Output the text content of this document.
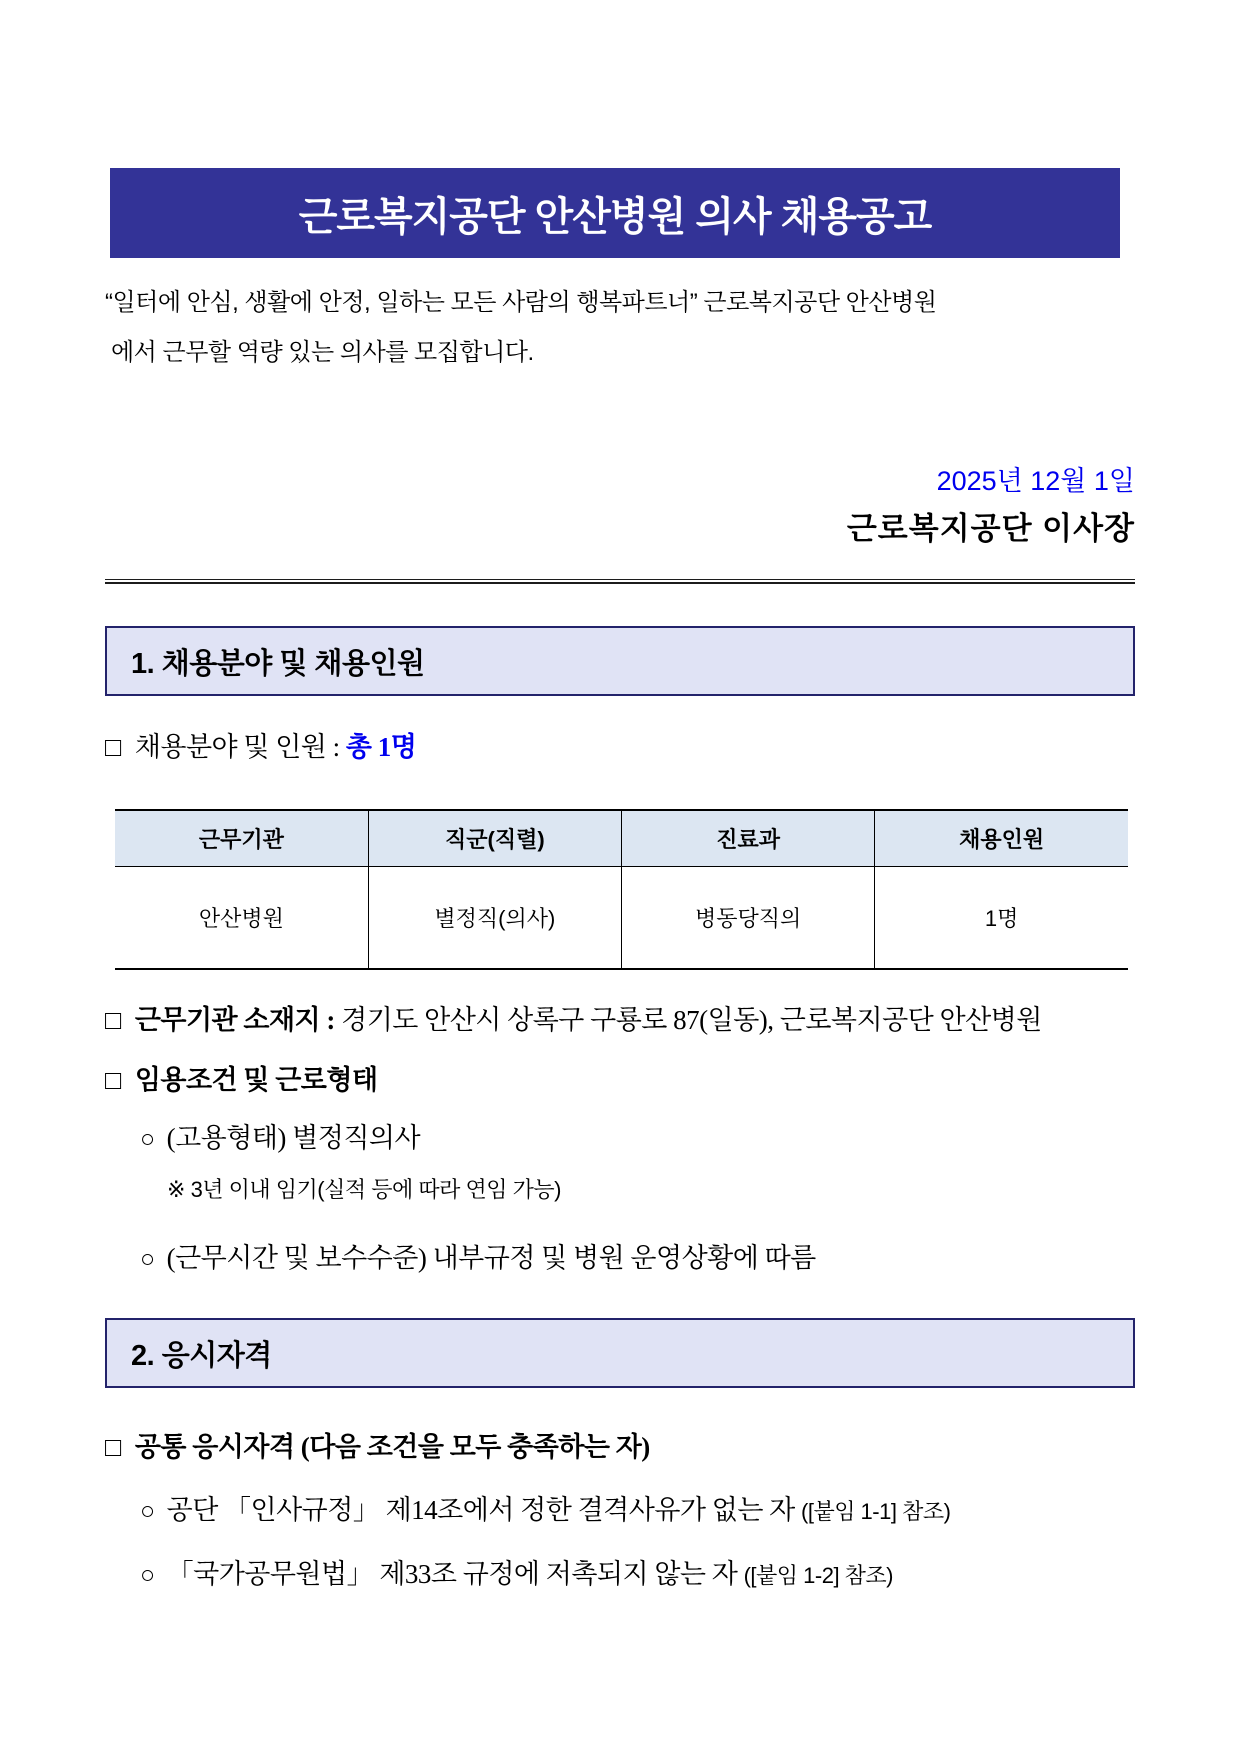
근로복지공단 안산병원 의사 채용공고
“일터에 안심, 생활에 안정, 일하는 모든 사람의 행복파트너” 근로복지공단 안산병원
에서 근무할 역량 있는 의사를 모집합니다.
2025년 12월 1일
근로복지공단 이사장
1. 채용분야 및 채용인원
□ 채용분야 및 인원 : 총 1명
근무기관	직군(직렬)	진료과	채용인원
안산병원	별정직(의사)	병동당직의	1명
□ 근무기관 소재지 : 경기도 안산시 상록구 구룡로 87(일동), 근로복지공단 안산병원
□ 임용조건 및 근로형태
○ (고용형태) 별정직의사
※ 3년 이내 임기(실적 등에 따라 연임 가능)
○ (근무시간 및 보수수준) 내부규정 및 병원 운영상황에 따름
2. 응시자격
□ 공통 응시자격 (다음 조건을 모두 충족하는 자)
○ 공단 「인사규정」 제14조에서 정한 결격사유가 없는 자 ([붙임 1-1] 참조)
○ 「국가공무원법」 제33조 규정에 저촉되지 않는 자 ([붙임 1-2] 참조)
